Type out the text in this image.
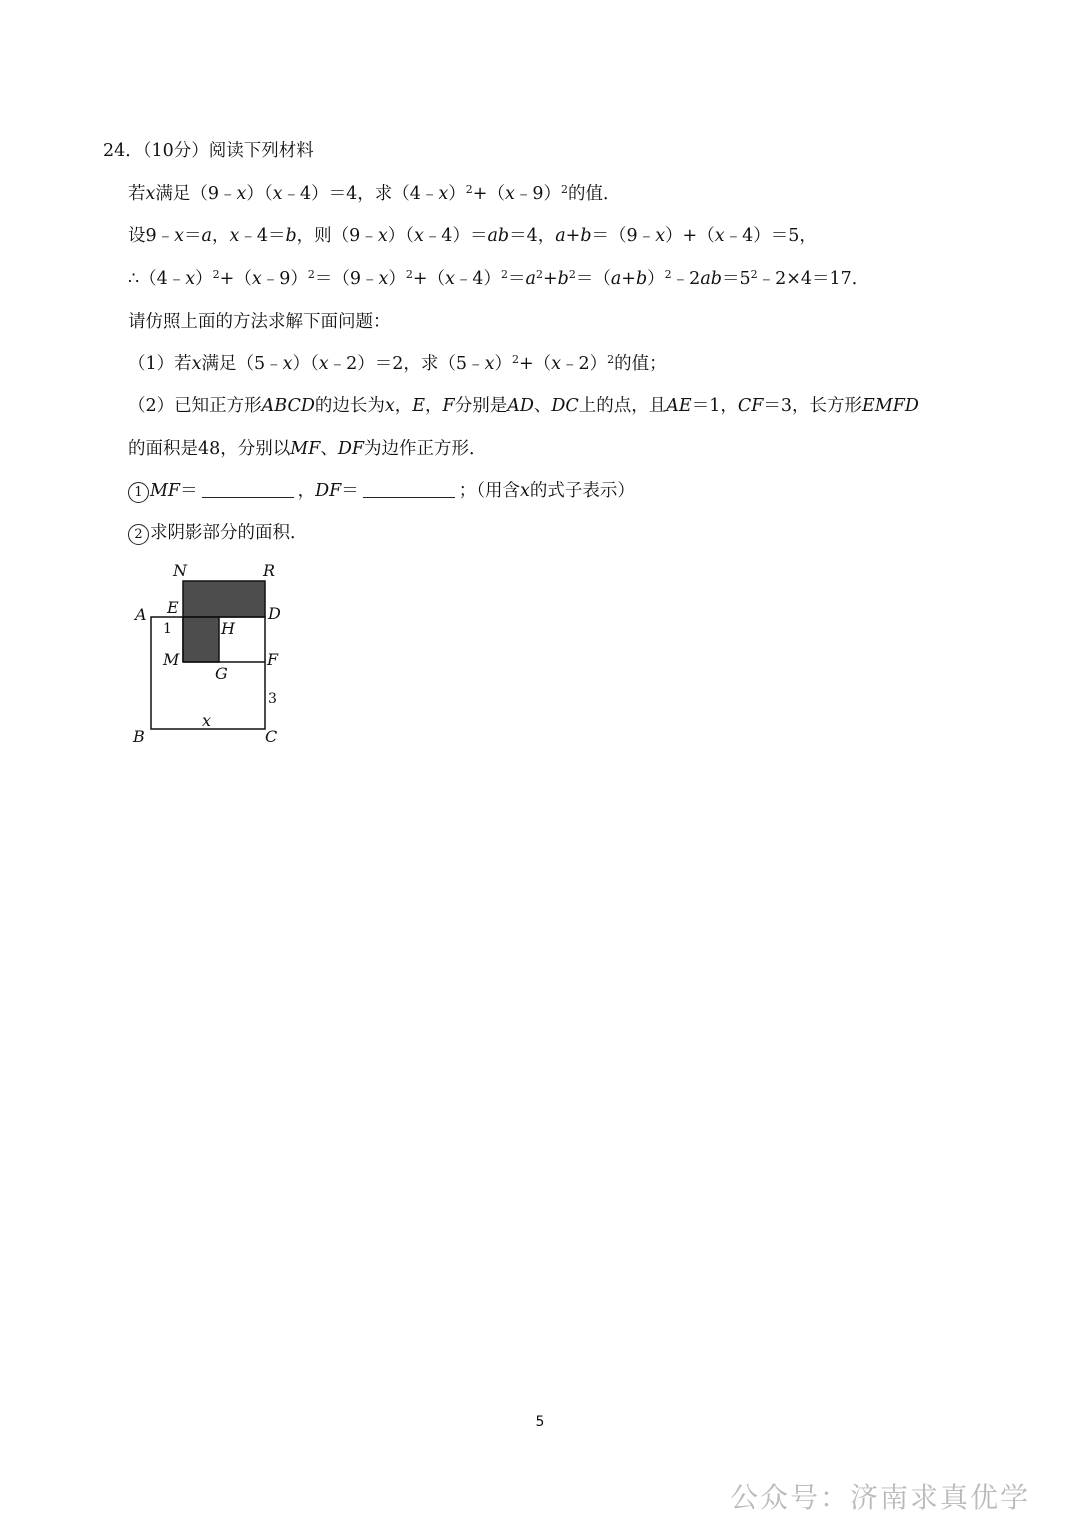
24．（10分）阅读下列材料
若x满足（9﹣x）（x﹣4）＝4，求（4﹣x）$^2$+（x﹣9）$^2$的值．
设9﹣x＝a，x﹣4＝b，则（9﹣x）（x﹣4）＝ab＝4，a+b＝（9﹣x）+（x﹣4）＝5，
$\therefore(4﹣x)^2+(x﹣9)^2=(9﹣x)^2+(x﹣4)^2=a^2+b^2=(a+b)^2﹣2ab=5^2﹣2\times 4=17$．
请仿照上面的方法求解下面问题：
（1）若x满足（5﹣x）（x﹣2）＝2，求（5﹣x）$^2$+（x﹣2）$^2$的值；
（2）已知正方形ABCD的边长为x，E，F分别是AD、DC上的点，且AE＝1，CF＝3，长方形EMFD
的面积是48，分别以MF、DF为边作正方形．
1 MF＝	，DF＝	；（用含x的式子表示）
2 求阴影部分的面积．
N	R
A E	D
1	H
M	F
G
3
x
B	C
5
公众号：济南求真优学
